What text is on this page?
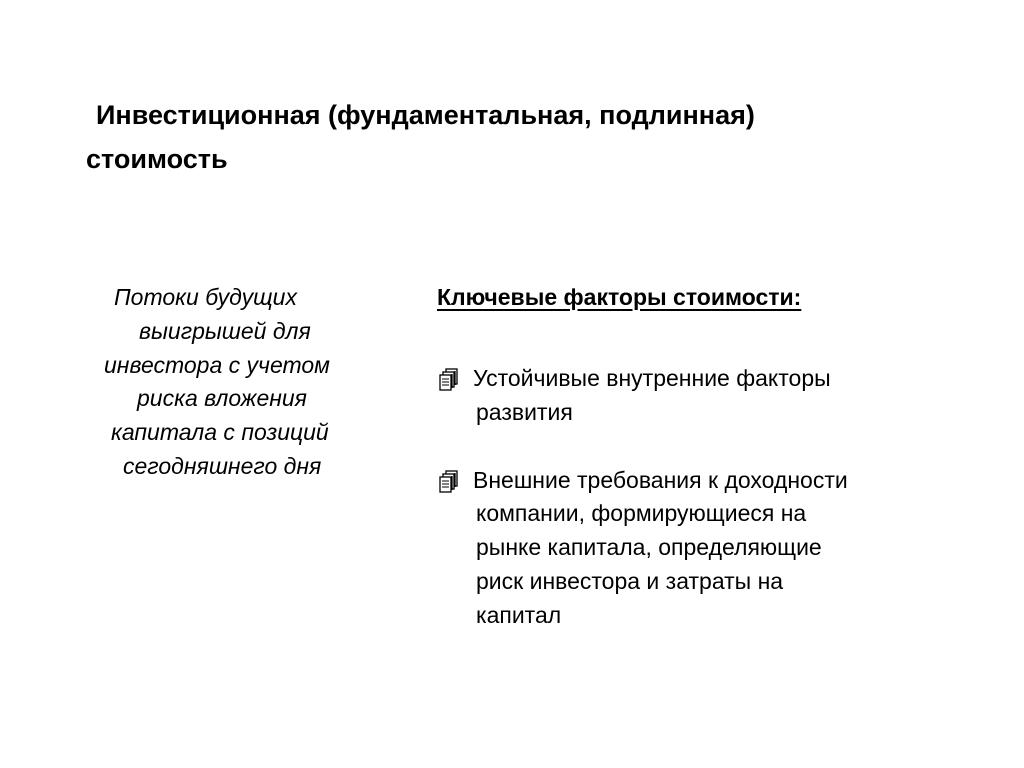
Инвестиционная (фундаментальная, подлинная)
стоимость

Потоки будущих
выигрышей для
инвестора с учетом
риска вложения
капитала с позиций
сегодняшнего дня

Ключевые факторы стоимости:
Устойчивые внутренние факторы
развития
Внешние требования к доходности
компании, формирующиеся на
рынке капитала, определяющие
риск инвестора и затраты на
капитал
